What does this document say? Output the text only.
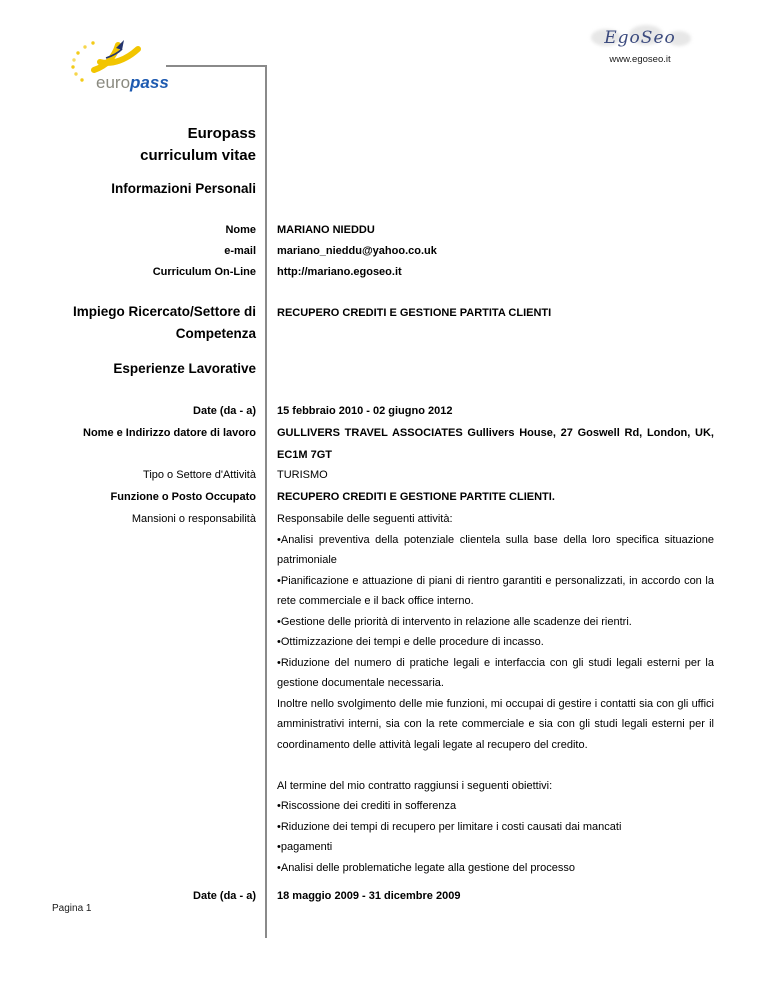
europass
EgoSeo
www.egoseo.it
Europass
curriculum vitae
Informazioni Personali
Nome MARIANO NIEDDU
e-mail mariano_nieddu@yahoo.co.uk
Curriculum On-Line http://mariano.egoseo.it
Impiego Ricercato/Settore di Competenza
RECUPERO CREDITI E GESTIONE PARTITA CLIENTI
Esperienze Lavorative
Date (da - a) 15 febbraio 2010 - 02 giugno 2012
Nome e Indirizzo datore di lavoro GULLIVERS TRAVEL ASSOCIATES Gullivers House, 27 Goswell Rd, London, UK, EC1M 7GT
Tipo o Settore d'Attività TURISMO
Funzione o Posto Occupato RECUPERO CREDITI E GESTIONE PARTITE CLIENTI.
Mansioni o responsabilità Responsabile delle seguenti attività:

•Analisi preventiva della potenziale clientela sulla base della loro specifica situazione patrimoniale

•Pianificazione e attuazione di piani di rientro garantiti e personalizzati, in accordo con la rete commerciale e il back office interno.

•Gestione delle priorità di intervento in relazione alle scadenze dei rientri.

•Ottimizzazione dei tempi e delle procedure di incasso.

•Riduzione del numero di pratiche legali e interfaccia con gli studi legali esterni per la gestione documentale necessaria.

Inoltre nello svolgimento delle mie funzioni, mi occupai di gestire i contatti sia con gli uffici amministrativi interni, sia con la rete commerciale e sia con gli studi legali esterni per il coordinamento delle attività legali legate al recupero del credito.

Al termine del mio contratto raggiunsi i seguenti obiettivi:

•Riscossione dei crediti in sofferenza

•Riduzione dei tempi di recupero per limitare i costi causati dai mancati

•pagamenti

•Analisi delle problematiche legate alla gestione del processo

Date (da - a) 18 maggio 2009 - 31 dicembre 2009
Pagina 1
